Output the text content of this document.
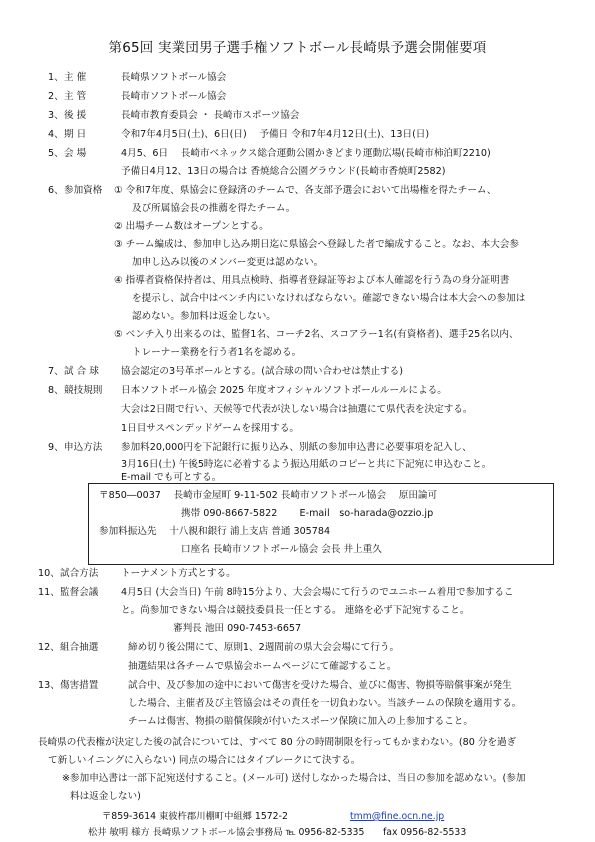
第65回 実業団男子選手権ソフトボール長崎県予選会開催要項
1、 主 催	長崎県ソフトボール協会
2、 主 管	長崎市ソフトボール協会
3、 後 援	長崎市教育委員会 ・ 長崎市スポーツ協会
4、 期 日	令和7年4月5日(土)、6日(日)　 予備日 令和7年4月12日(土)、13日(日)
5、 会 場	4月5、6日　 長崎市ベネックス総合運動公園かきどまり運動広場(長崎市柿泊町2210)
予備日4月12、13日の場合は 香焼総合公園グラウンド(長崎市香焼町2582)
6、 参加資格 ① 令和7年度、県協会に登録済のチームで、各支部予選会において出場権を得たチーム、
及び所属協会長の推薦を得たチーム。
② 出場チーム数はオープンとする。
③ チーム編成は、参加申し込み期日迄に県協会へ登録した者で編成すること。なお、本大会参
加申し込み以後のメンバー変更は認めない。
④ 指導者資格保持者は、用具点検時、指導者登録証等および本人確認を行う為の身分証明書
を提示し、試合中はベンチ内にいなければならない。確認できない場合は本大会への参加は
認めない。参加料は返金しない。
⑤ ベンチ入り出来るのは、監督1名、コーチ2名、スコアラー1名(有資格者)、選手25名以内、
トレーナー業務を行う者1名を認める。
7、 試 合 球 協会認定の3号革ボールとする。(試合球の問い合わせは禁止する)
8、 競技規則 日本ソフトボール協会 2025 年度オフィシャルソフトボールルールによる。
大会は2日間で行い、天候等で代表が決しない場合は抽選にて県代表を決定する。
1日目サスペンデッドゲームを採用する。
9、 申込方法 参加料20,000円を下記銀行に振り込み、別紙の参加申込書に必要事項を記入し、
3月16日(土) 午後5時迄に必着するよう振込用紙のコピーと共に下記宛に申込むこと。
E-mail でも可とする。
〒850―0037　 長崎市金屋町 9-11-502 長崎市ソフトボール協会　 原田論可
携帯 090-8667-5822　　 E-mail　so-harada@ozzio.jp
参加料振込先　 十八親和銀行 浦上支店 普通 305784
口座名 長崎市ソフトボール協会 会長 井上重久
10、 試合方法 トーナメント方式とする。
11、 監督会議 4月5日 (大会当日) 午前 8時15分より、大会会場にて行うのでユニホーム着用で参加するこ
と。尚参加できない場合は競技委員長一任とする。 連絡を必ず下記宛すること。
審判長 池田 090-7453-6657
12、 組合抽選	締め切り後公開にて、原則1、2週間前の県大会会場にて行う。
抽選結果は各チームで県協会ホームページにて確認すること。
13、 傷害措置	試合中、及び参加の途中において傷害を受けた場合、並びに傷害、物損等賠償事案が発生
した場合、主催者及び主管協会はその責任を一切負わない。当該チームの保険を適用する。
チームは傷害、物損の賠償保険が付いたスポーツ保険に加入の上参加すること。
長崎県の代表権が決定した後の試合については、すべて 80 分の時間制限を行ってもかまわない。(80 分を過ぎ
て新しいイニングに入らない) 同点の場合にはタイブレークにて決する。
※参加申込書は一部下記宛送付すること。(メール可) 送付しなかった場合は、当日の参加を認めない。(参加
料は返金しない)
〒859-3614 東彼杵郡川棚町中組郷 1572-2	tmm@fine.ocn.ne.jp
松井 敏明 様方 長崎県ソフトボール協会事務局 ℡ 0956-82-5335　　fax 0956-82-5533
